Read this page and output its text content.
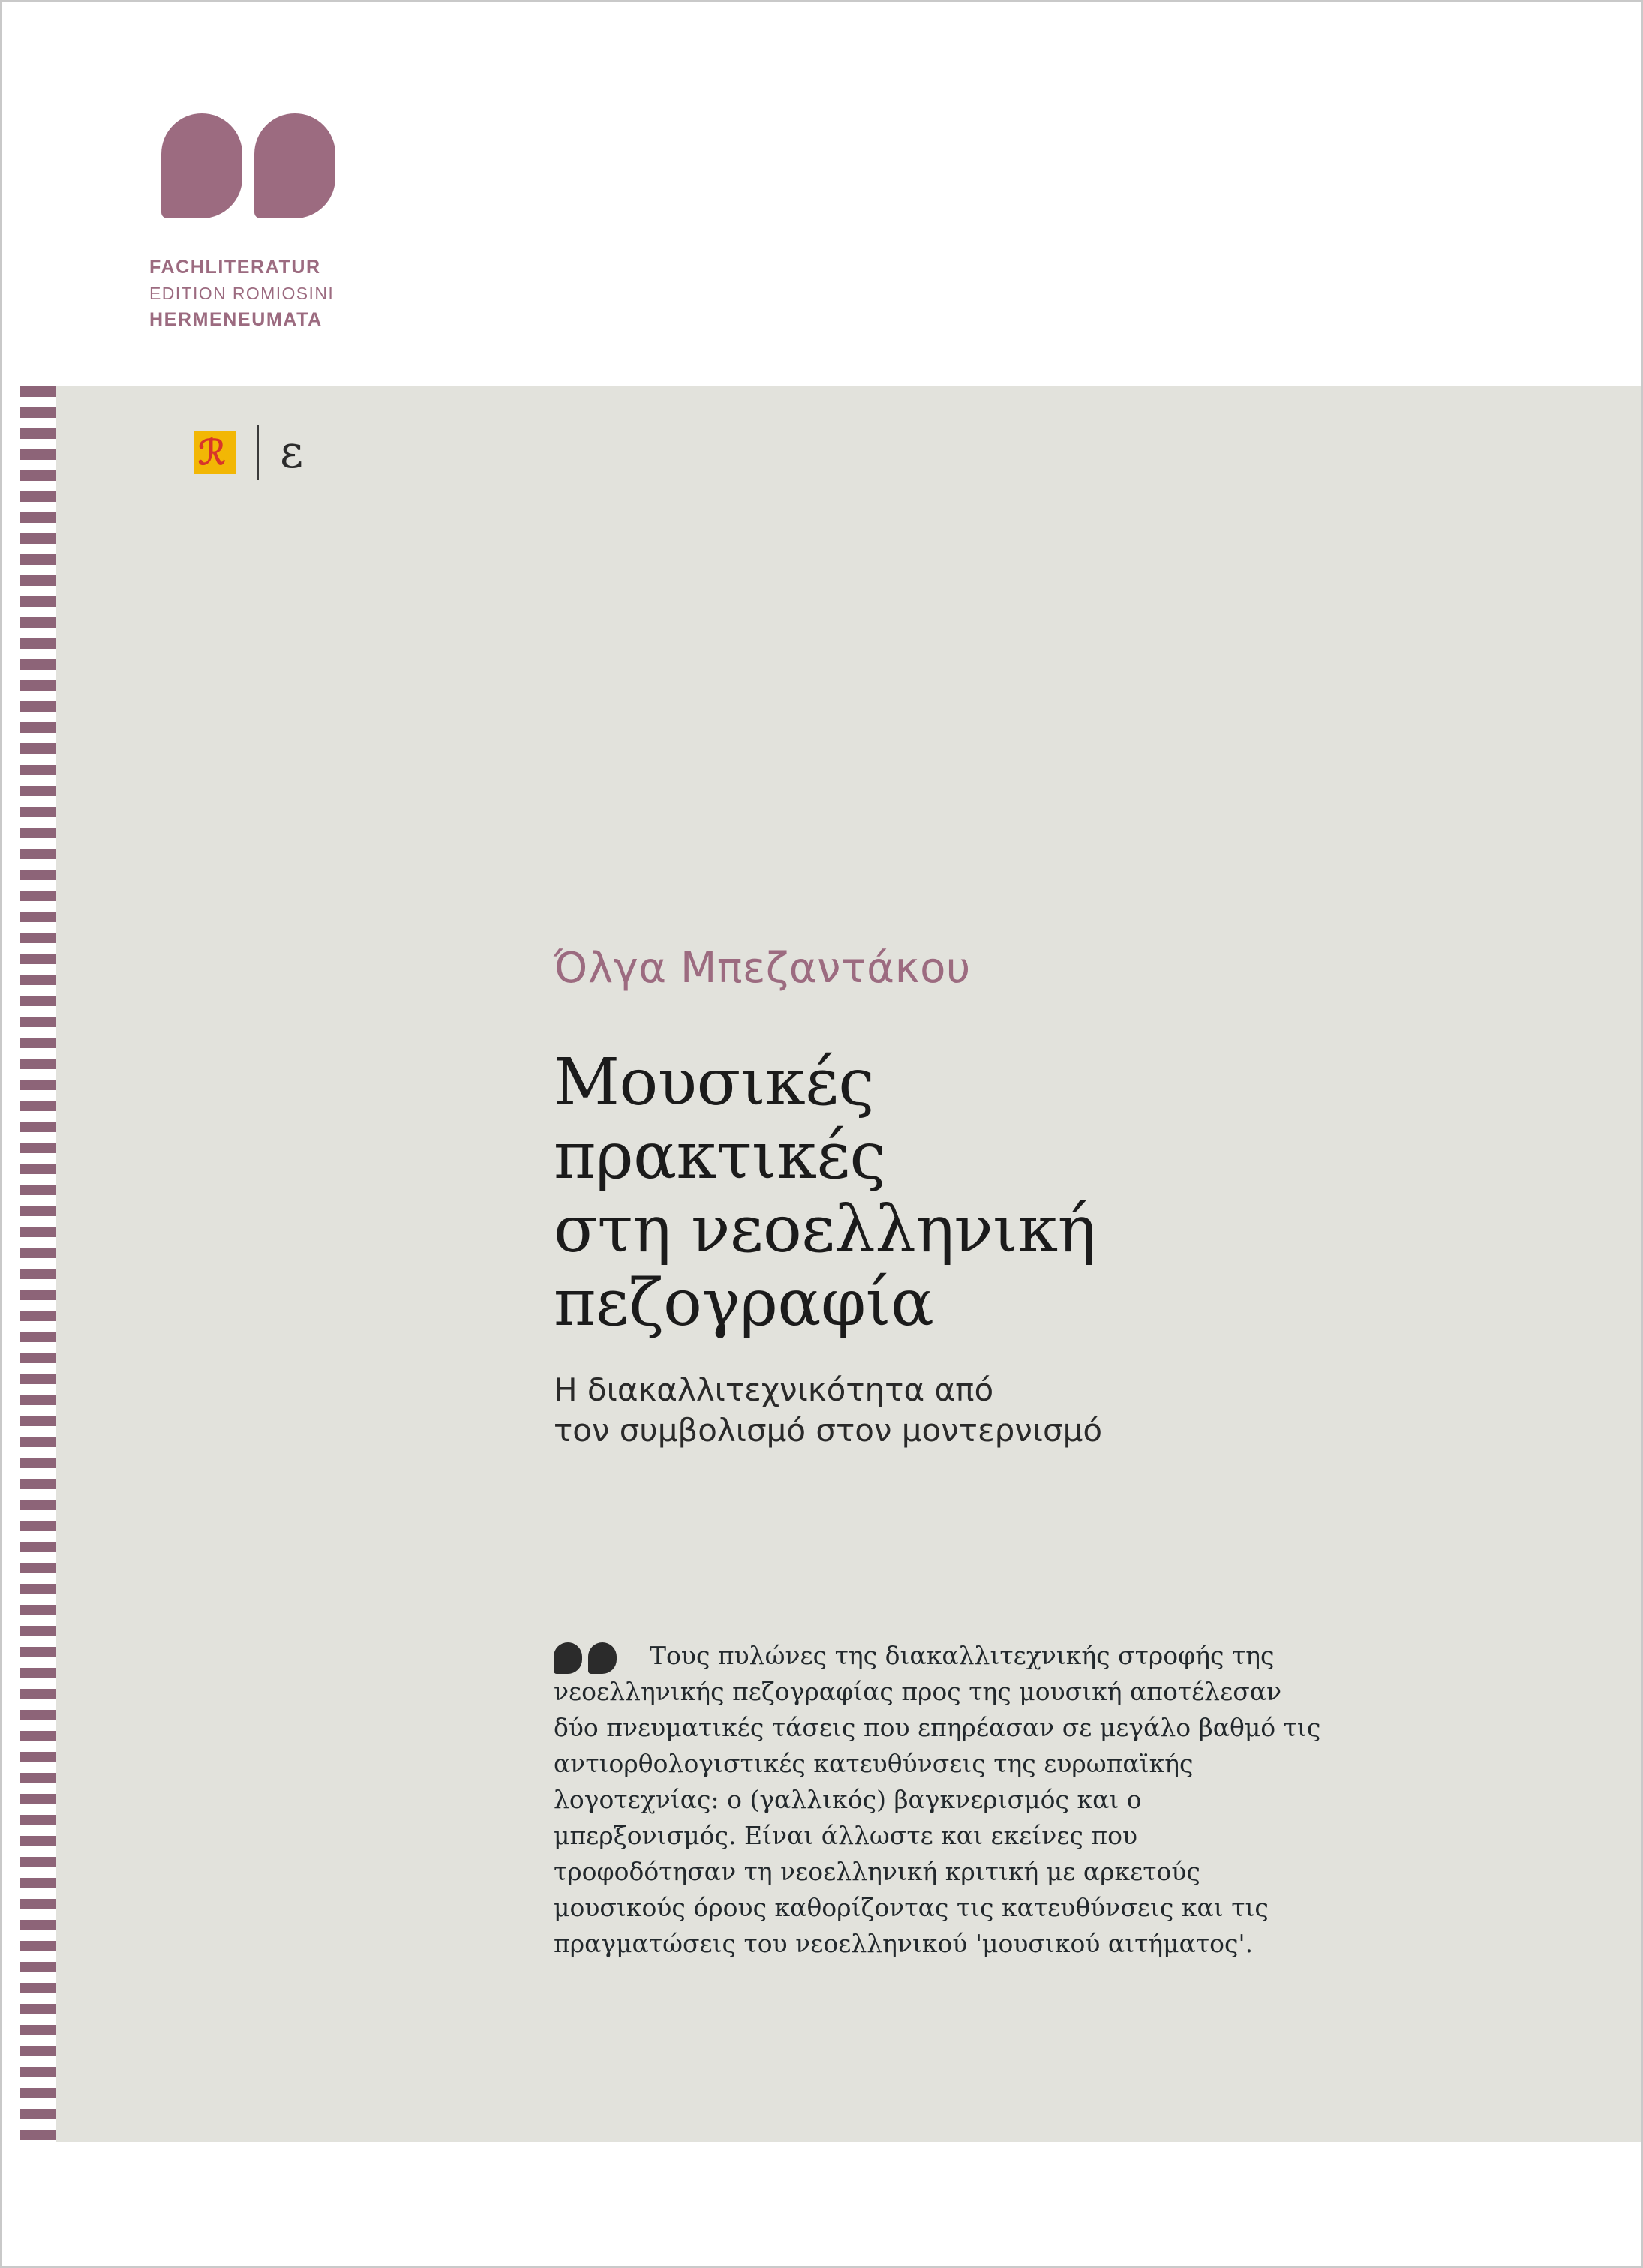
FACHLITERATUR
EDITION ROMIOSINI
HERMENEUMATA
ℛ ε
Όλγα Μπεζαντάκου
Μουσικές
πρακτικές
στη νεοελληνική
πεζογραφία
Η διακαλλιτεχνικότητα από
τον συμβολισμό στον μοντερνισμό
Τους πυλώνες της διακαλλιτεχνικής στροφής της νεοελληνικής πεζογραφίας προς της μουσική αποτέλεσαν δύο πνευματικές τάσεις που επηρέασαν σε μεγάλο βαθμό τις αντιορθολογιστικές κατευθύνσεις της ευρωπαϊκής λογοτεχνίας: ο (γαλλικός) βαγκνερισμός και ο μπερξονισμός. Είναι άλλωστε και εκείνες που τροφοδότησαν τη νεοελληνική κριτική με αρκετούς μουσικούς όρους καθορίζοντας τις κατευθύνσεις και τις πραγματώσεις του νεοελληνικού 'μουσικού αιτήματος'.
